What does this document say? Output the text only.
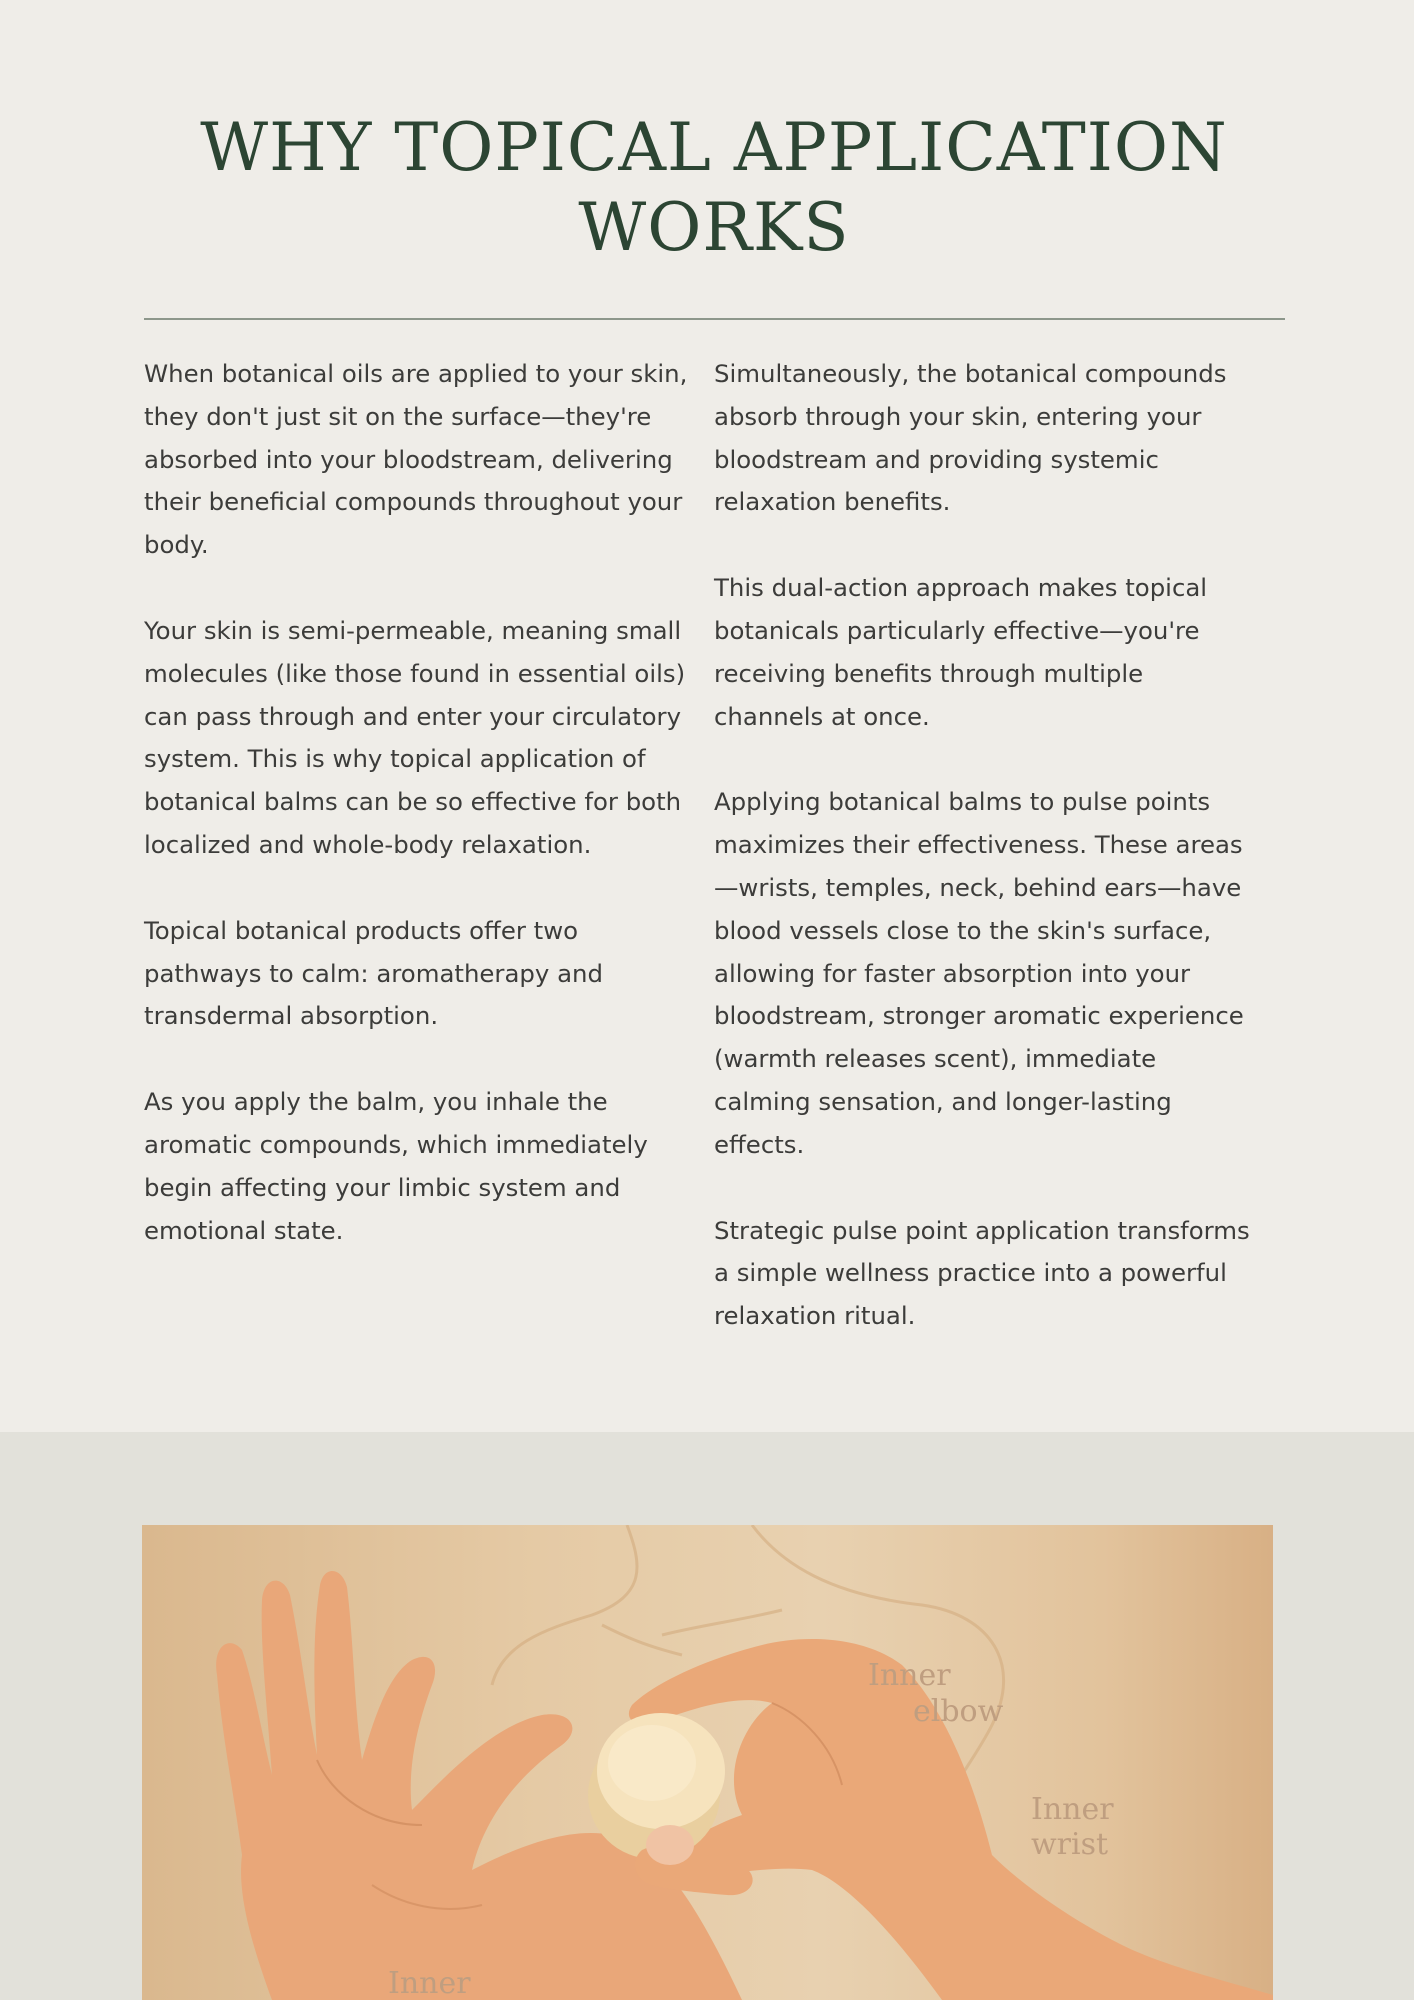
WHY TOPICAL APPLICATION WORKS

When botanical oils are applied to your skin, they don't just sit on the surface—they're absorbed into your bloodstream, delivering their beneficial compounds throughout your body.

Your skin is semi-permeable, meaning small molecules (like those found in essential oils) can pass through and enter your circulatory system. This is why topical application of botanical balms can be so effective for both localized and whole-body relaxation.

Topical botanical products offer two pathways to calm: aromatherapy and transdermal absorption.

As you apply the balm, you inhale the aromatic compounds, which immediately begin affecting your limbic system and emotional state.

Simultaneously, the botanical compounds absorb through your skin, entering your bloodstream and providing systemic relaxation benefits.

This dual-action approach makes topical botanicals particularly effective—you're receiving benefits through multiple channels at once.

Applying botanical balms to pulse points maximizes their effectiveness. These areas—wrists, temples, neck, behind ears—have blood vessels close to the skin's surface, allowing for faster absorption into your bloodstream, stronger aromatic experience (warmth releases scent), immediate calming sensation, and longer-lasting effects.

Strategic pulse point application transforms a simple wellness practice into a powerful relaxation ritual.

Inner

elbow

Inner

wrist

Inner
